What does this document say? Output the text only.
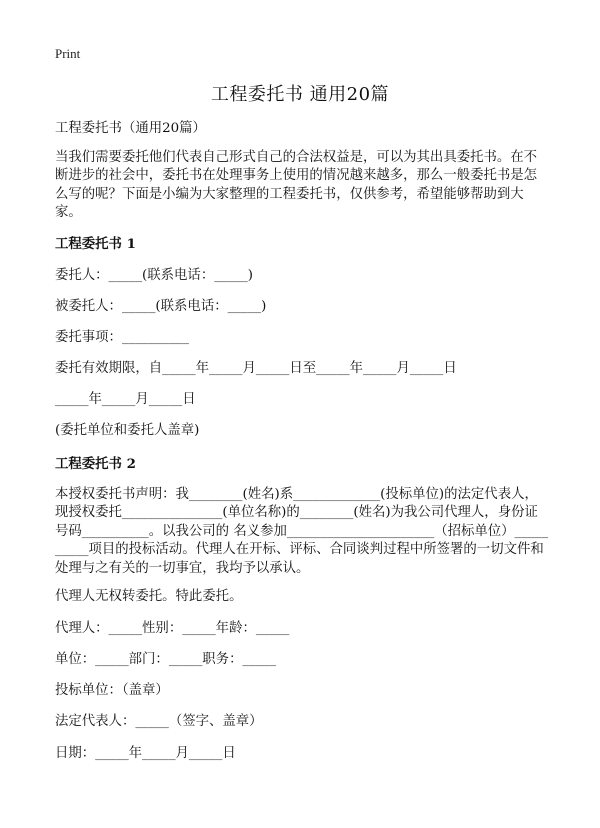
Print
工程委托书 通用20篇
工程委托书（通用20篇）
当我们需要委托他们代表自己形式自己的合法权益是，可以为其出具委托书。在不断进步的社会中，委托书在处理事务上使用的情况越来越多，那么一般委托书是怎么写的呢？下面是小编为大家整理的工程委托书，仅供参考，希望能够帮助到大家。
工程委托书 1
委托人：_____(联系电话：_____)
被委托人：_____(联系电话：_____)
委托事项：__________
委托有效期限，自_____年_____月_____日至_____年_____月_____日
_____年_____月_____日
(委托单位和委托人盖章)
工程委托书 2
本授权委托书声明：我________(姓名)系_____________(投标单位)的法定代表人，现授权委托_______________(单位名称)的________(姓名)为我公司代理人，身份证号码__________。以我公司的 名义参加______________________（招标单位）__________项目的投标活动。代理人在开标、评标、合同谈判过程中所签署的一切文件和处理与之有关的一切事宜，我均予以承认。
代理人无权转委托。特此委托。
代理人：_____性别：_____年龄：_____
单位：_____部门：_____职务：_____
投标单位：（盖章）
法定代表人：_____（签字、盖章）
日期：_____年_____月_____日
